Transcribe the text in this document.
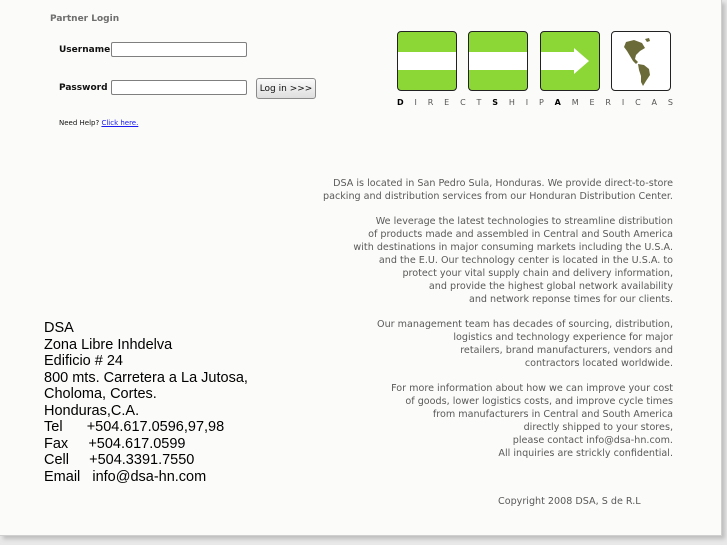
Partner Login
Username
Password	Log in >>>
Need Help? Click here.
D I R E C T S H I P A M E R I C A S

DSA is located in San Pedro Sula, Honduras. We provide direct-to-store
packing and distribution services from our Honduran Distribution Center.

We leverage the latest technologies to streamline distribution
of products made and assembled in Central and South America
with destinations in major consuming markets including the U.S.A.
and the E.U. Our technology center is located in the U.S.A. to
protect your vital supply chain and delivery information,
and provide the highest global network availability
and network reponse times for our clients.

Our management team has decades of sourcing, distribution,
logistics and technology experience for major
retailers, brand manufacturers, vendors and
contractors located worldwide.

For more information about how we can improve your cost
of goods, lower logistics costs, and improve cycle times
from manufacturers in Central and South America
directly shipped to your stores,
please contact info@dsa-hn.com.
All inquiries are strickly confidential.

DSA
Zona Libre Inhdelva
Edificio # 24
800 mts. Carretera a La Jutosa,
Choloma, Cortes.
Honduras,C.A.
Tel      +504.617.0596,97,98
Fax     +504.617.0599
Cell     +504.3391.7550
Email   info@dsa-hn.com
Copyright 2008 DSA, S de R.L
